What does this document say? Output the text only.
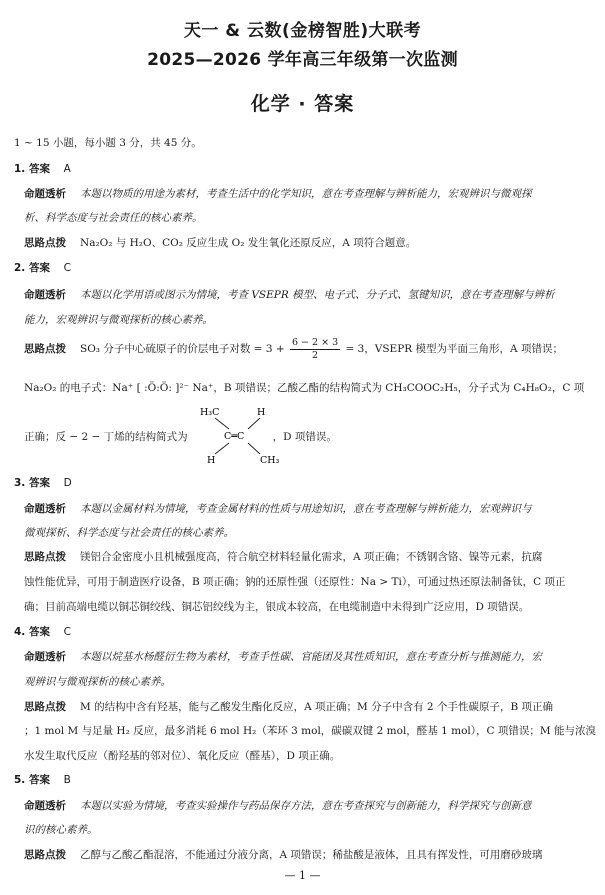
天一 & 云数(金榜智胜)大联考
2025—2026 学年高三年级第一次监测
化学 · 答案
1 ~ 15 小题，每小题 3 分，共 45 分。
1. 答案 A
命题透析 本题以物质的用途为素材，考查生活中的化学知识，意在考查理解与辨析能力，宏观辨识与微观探
析、科学态度与社会责任的核心素养。
思路点拨 Na₂O₂ 与 H₂O、CO₂ 反应生成 O₂ 发生氧化还原反应，A 项符合题意。
2. 答案 C
命题透析 本题以化学用语或图示为情境，考查 VSEPR 模型、电子式、分子式、氢键知识，意在考查理解与辨析
能力，宏观辨识与微观探析的核心素养。
思路点拨 SO₃ 分子中心硫原子的价层电子对数 = $3 + \frac{6 - 2 \times 3}{2} = 3$，VSEPR 模型为平面三角形，A 项错误；
Na₂O₂ 的电子式：Na⁺ [ :Ö:Ö: ]²⁻ Na⁺，B 项错误；乙酸乙酯的结构简式为 CH₃COOC₂H₅，分子式为 C₄H₈O₂，C 项
正确；反 − 2 − 丁烯的结构简式为	，D 项错误。
H₃C	H
C═C
H	CH₃
3. 答案 D
命题透析 本题以金属材料为情境，考查金属材料的性质与用途知识，意在考查理解与辨析能力，宏观辨识与
微观探析、科学态度与社会责任的核心素养。
思路点拨 镁铝合金密度小且机械强度高，符合航空材料轻量化需求，A 项正确；不锈钢含铬、镍等元素，抗腐
蚀性能优异，可用于制造医疗设备，B 项正确；钠的还原性强（还原性：Na > Ti），可通过热还原法制备钛，C 项正
确；目前高端电缆以铜芯铜绞线、铜芯铝绞线为主，银成本较高，在电缆制造中未得到广泛应用，D 项错误。
4. 答案 C
命题透析 本题以烷基水杨醛衍生物为素材，考查手性碳、官能团及其性质知识，意在考查分析与推测能力，宏
观辨识与微观探析的核心素养。
思路点拨 M 的结构中含有羟基，能与乙酸发生酯化反应，A 项正确；M 分子中含有 2 个手性碳原子，B 项正确
；1 mol M 与足量 H₂ 反应，最多消耗 6 mol H₂（苯环 3 mol，碳碳双键 2 mol，醛基 1 mol），C 项错误；M 能与浓溴
水发生取代反应（酚羟基的邻对位）、氧化反应（醛基），D 项正确。
5. 答案 B
命题透析 本题以实验为情境，考查实验操作与药品保存方法，意在考查探究与创新能力，科学探究与创新意
识的核心素养。
思路点拨 乙醇与乙酸乙酯混溶，不能通过分液分离，A 项错误；稀盐酸是液体，且具有挥发性，可用磨砂玻璃
— 1 —
